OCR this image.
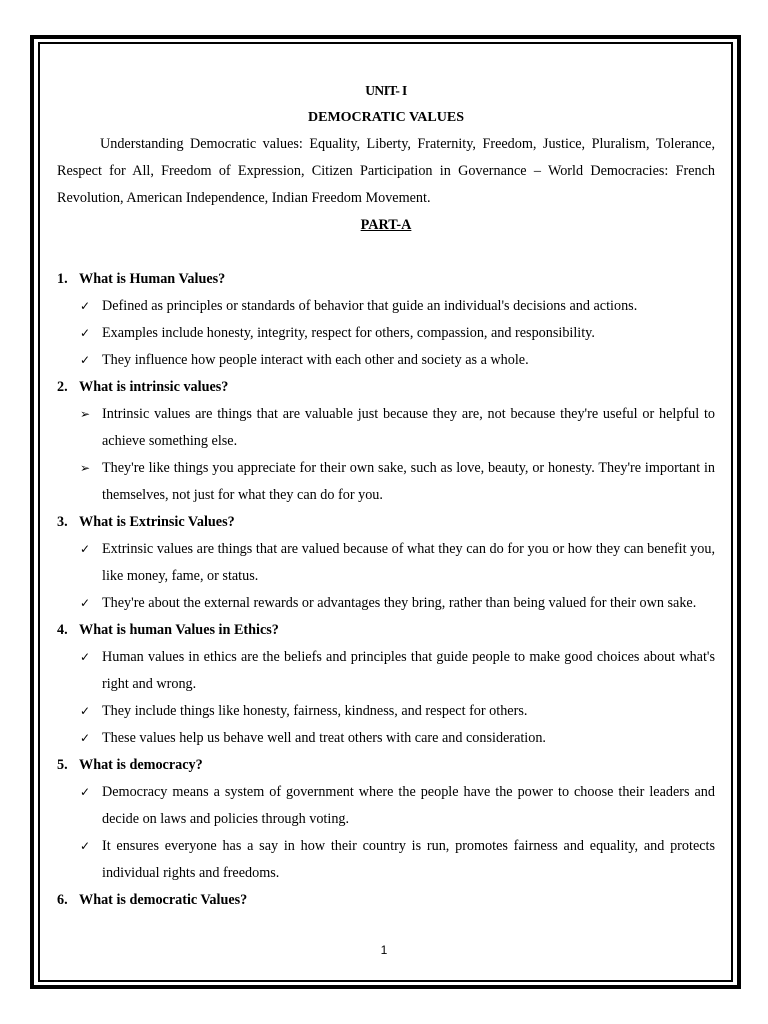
UNIT- I
DEMOCRATIC VALUES
Understanding Democratic values: Equality, Liberty, Fraternity, Freedom, Justice, Pluralism, Tolerance, Respect for All, Freedom of Expression, Citizen Participation in Governance – World Democracies: French Revolution, American Independence, Indian Freedom Movement.
PART-A
1. What is Human Values?
✓ Defined as principles or standards of behavior that guide an individual's decisions and actions.
✓ Examples include honesty, integrity, respect for others, compassion, and responsibility.
✓ They influence how people interact with each other and society as a whole.
2. What is intrinsic values?
➢ Intrinsic values are things that are valuable just because they are, not because they're useful or helpful to achieve something else.
➢ They're like things you appreciate for their own sake, such as love, beauty, or honesty. They're important in themselves, not just for what they can do for you.
3. What is Extrinsic Values?
✓ Extrinsic values are things that are valued because of what they can do for you or how they can benefit you, like money, fame, or status.
✓ They're about the external rewards or advantages they bring, rather than being valued for their own sake.
4. What is human Values in Ethics?
✓ Human values in ethics are the beliefs and principles that guide people to make good choices about what's right and wrong.
✓ They include things like honesty, fairness, kindness, and respect for others.
✓ These values help us behave well and treat others with care and consideration.
5. What is democracy?
✓ Democracy means a system of government where the people have the power to choose their leaders and decide on laws and policies through voting.
✓ It ensures everyone has a say in how their country is run, promotes fairness and equality, and protects individual rights and freedoms.
6. What is democratic Values?
1
